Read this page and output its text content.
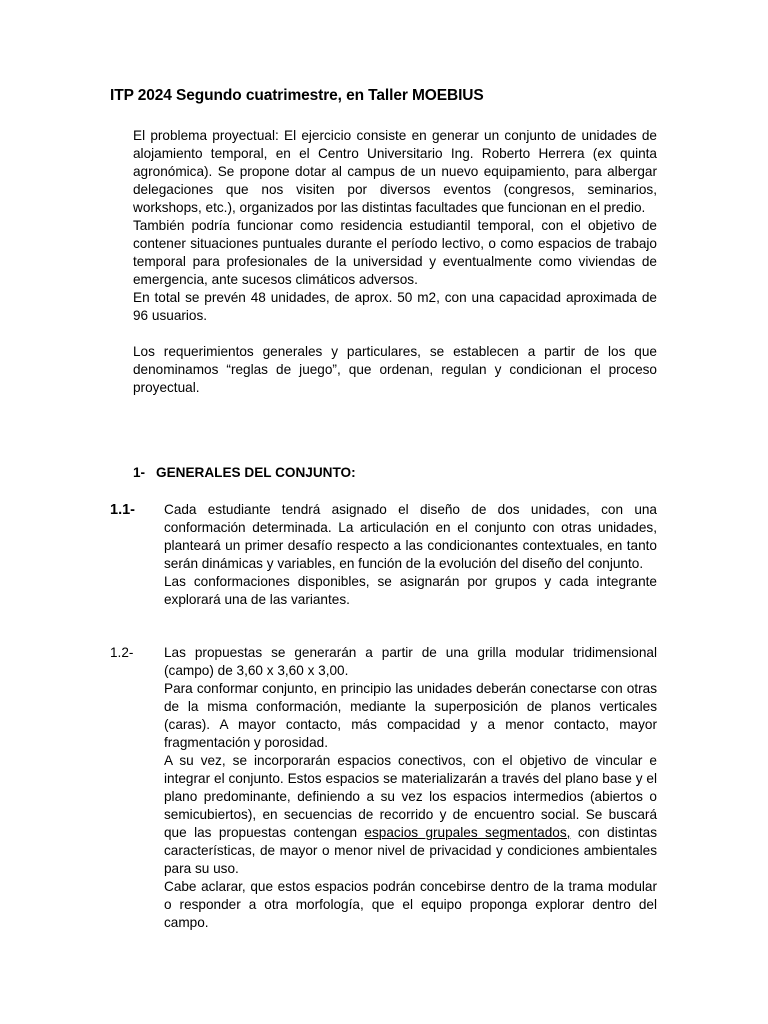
ITP 2024 Segundo cuatrimestre, en Taller MOEBIUS

El problema proyectual: El ejercicio consiste en generar un conjunto de unidades de alojamiento temporal, en el Centro Universitario Ing. Roberto Herrera (ex quinta agronómica). Se propone dotar al campus de un nuevo equipamiento, para albergar delegaciones que nos visiten por diversos eventos (congresos, seminarios, workshops, etc.), organizados por las distintas facultades que funcionan en el predio.

También podría funcionar como residencia estudiantil temporal, con el objetivo de contener situaciones puntuales durante el período lectivo, o como espacios de trabajo temporal para profesionales de la universidad y eventualmente como viviendas de emergencia, ante sucesos climáticos adversos.

En total se prevén 48 unidades, de aprox. 50 m2, con una capacidad aproximada de 96 usuarios.

Los requerimientos generales y particulares, se establecen a partir de los que denominamos “reglas de juego”, que ordenan, regulan y condicionan el proceso proyectual.

1- GENERALES DEL CONJUNTO:
1.1- Cada estudiante tendrá asignado el diseño de dos unidades, con una conformación determinada. La articulación en el conjunto con otras unidades, planteará un primer desafío respecto a las condicionantes contextuales, en tanto serán dinámicas y variables, en función de la evolución del diseño del conjunto.

Las conformaciones disponibles, se asignarán por grupos y cada integrante explorará una de las variantes.

1.2- Las propuestas se generarán a partir de una grilla modular tridimensional (campo) de 3,60 x 3,60 x 3,00.

Para conformar conjunto, en principio las unidades deberán conectarse con otras de la misma conformación, mediante la superposición de planos verticales (caras). A mayor contacto, más compacidad y a menor contacto, mayor fragmentación y porosidad.

A su vez, se incorporarán espacios conectivos, con el objetivo de vincular e integrar el conjunto. Estos espacios se materializarán a través del plano base y el plano predominante, definiendo a su vez los espacios intermedios (abiertos o semicubiertos), en secuencias de recorrido y de encuentro social. Se buscará que las propuestas contengan espacios grupales segmentados, con distintas características, de mayor o menor nivel de privacidad y condiciones ambientales para su uso.

Cabe aclarar, que estos espacios podrán concebirse dentro de la trama modular o responder a otra morfología, que el equipo proponga explorar dentro del campo.
